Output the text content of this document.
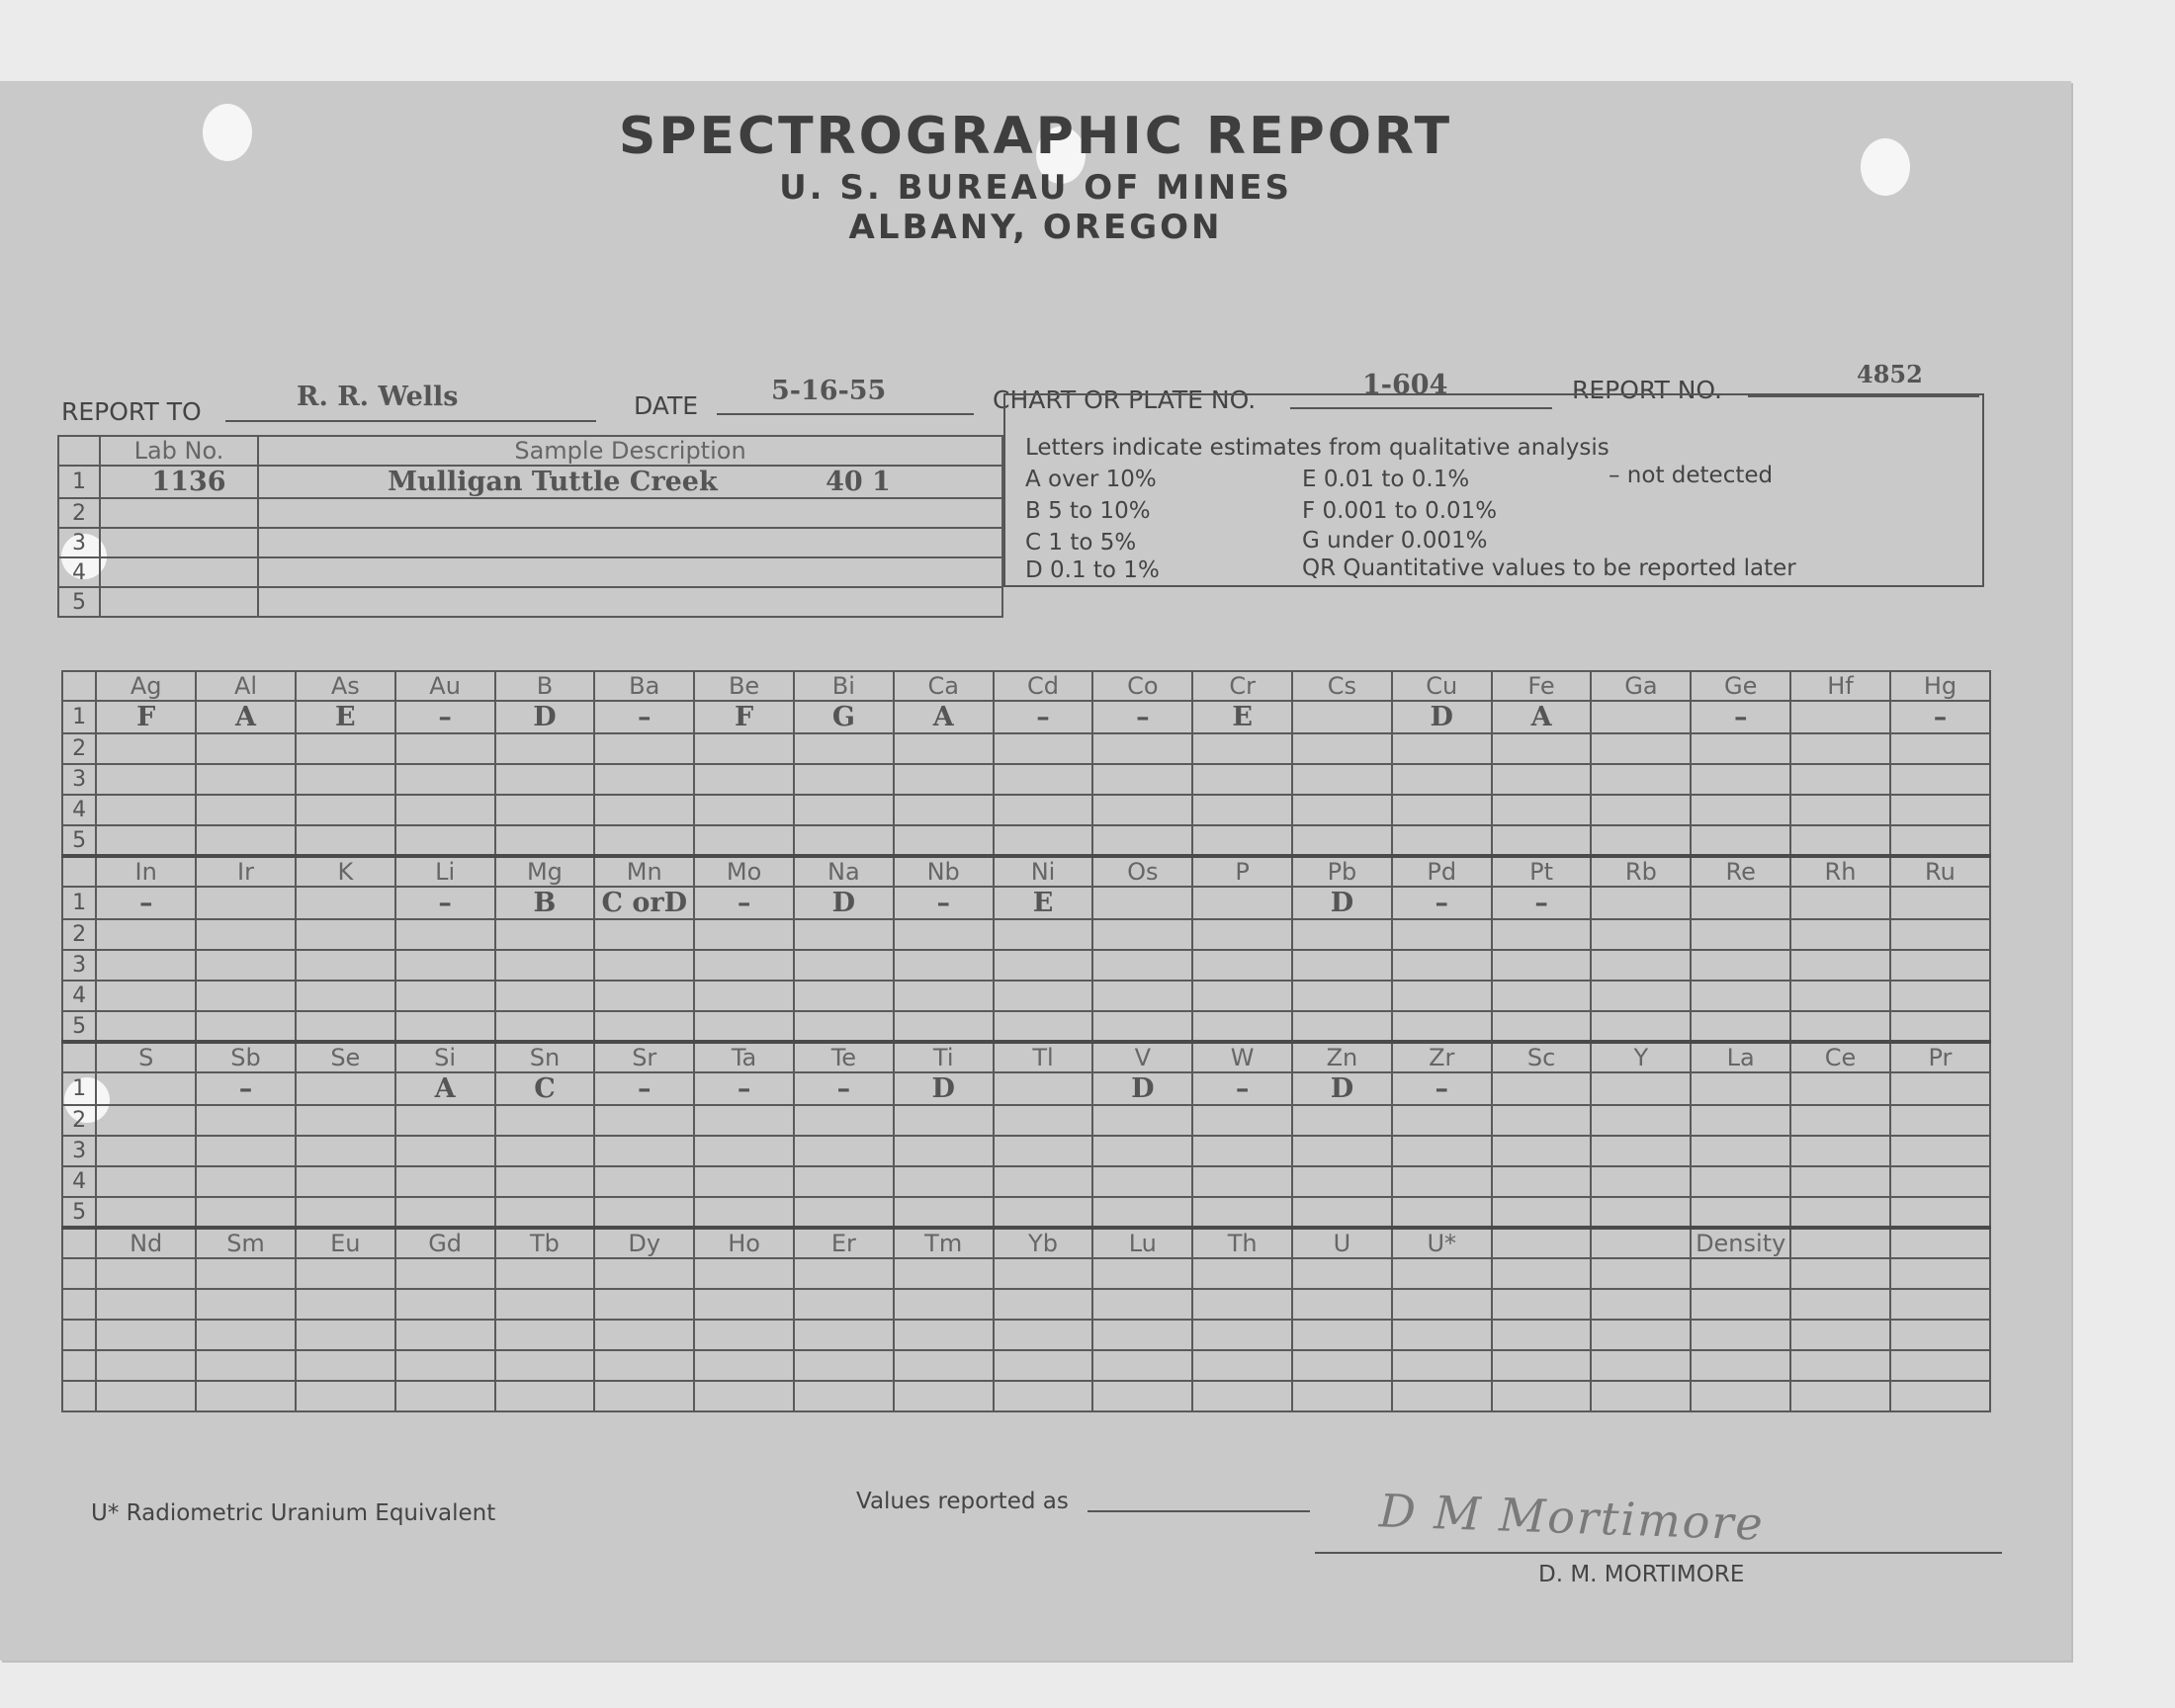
SPECTROGRAPHIC REPORT
U. S. BUREAU OF MINES
ALBANY, OREGON
REPORT TO	R. R. Wells	DATE	5-16-55	CHART OR PLATE NO.	1-604	REPORT NO.
4852
	Lab No.	Sample Description
1	1136	Mulligan Tuttle Creek 40 1
2		
3		
4		
5		
Letters indicate estimates from qualitative analysis
A over 10%
B 5 to 10%
C 1 to 5%
D 0.1 to 1%
E 0.01 to 0.1%
F 0.001 to 0.01%
G under 0.001%
QR Quantitative values to be reported later
– not detected
	Ag	Al	As	Au	B	Ba	Be	Bi	Ca	Cd	Co	Cr	Cs	Cu	Fe	Ga	Ge	Hf	Hg
1	F	A	E	–	D	–	F	G	A	–	–	E		D	A		–		–
2																			
3																			
4																			
5																			
	In	Ir	K	Li	Mg	Mn	Mo	Na	Nb	Ni	Os	P	Pb	Pd	Pt	Rb	Re	Rh	Ru
1	–			–	B	C orD	–	D	–	E			D	–	–				
2																			
3																			
4																			
5																			
	S	Sb	Se	Si	Sn	Sr	Ta	Te	Ti	Tl	V	W	Zn	Zr	Sc	Y	La	Ce	Pr
1		–		A	C	–	–	–	D		D	–	D	–					
2																			
3																			
4																			
5																			
	Nd	Sm	Eu	Gd	Tb	Dy	Ho	Er	Tm	Yb	Lu	Th	U	U*			Density		

U* Radiometric Uranium Equivalent	Values reported as	D M Mortimore
D. M. MORTIMORE
